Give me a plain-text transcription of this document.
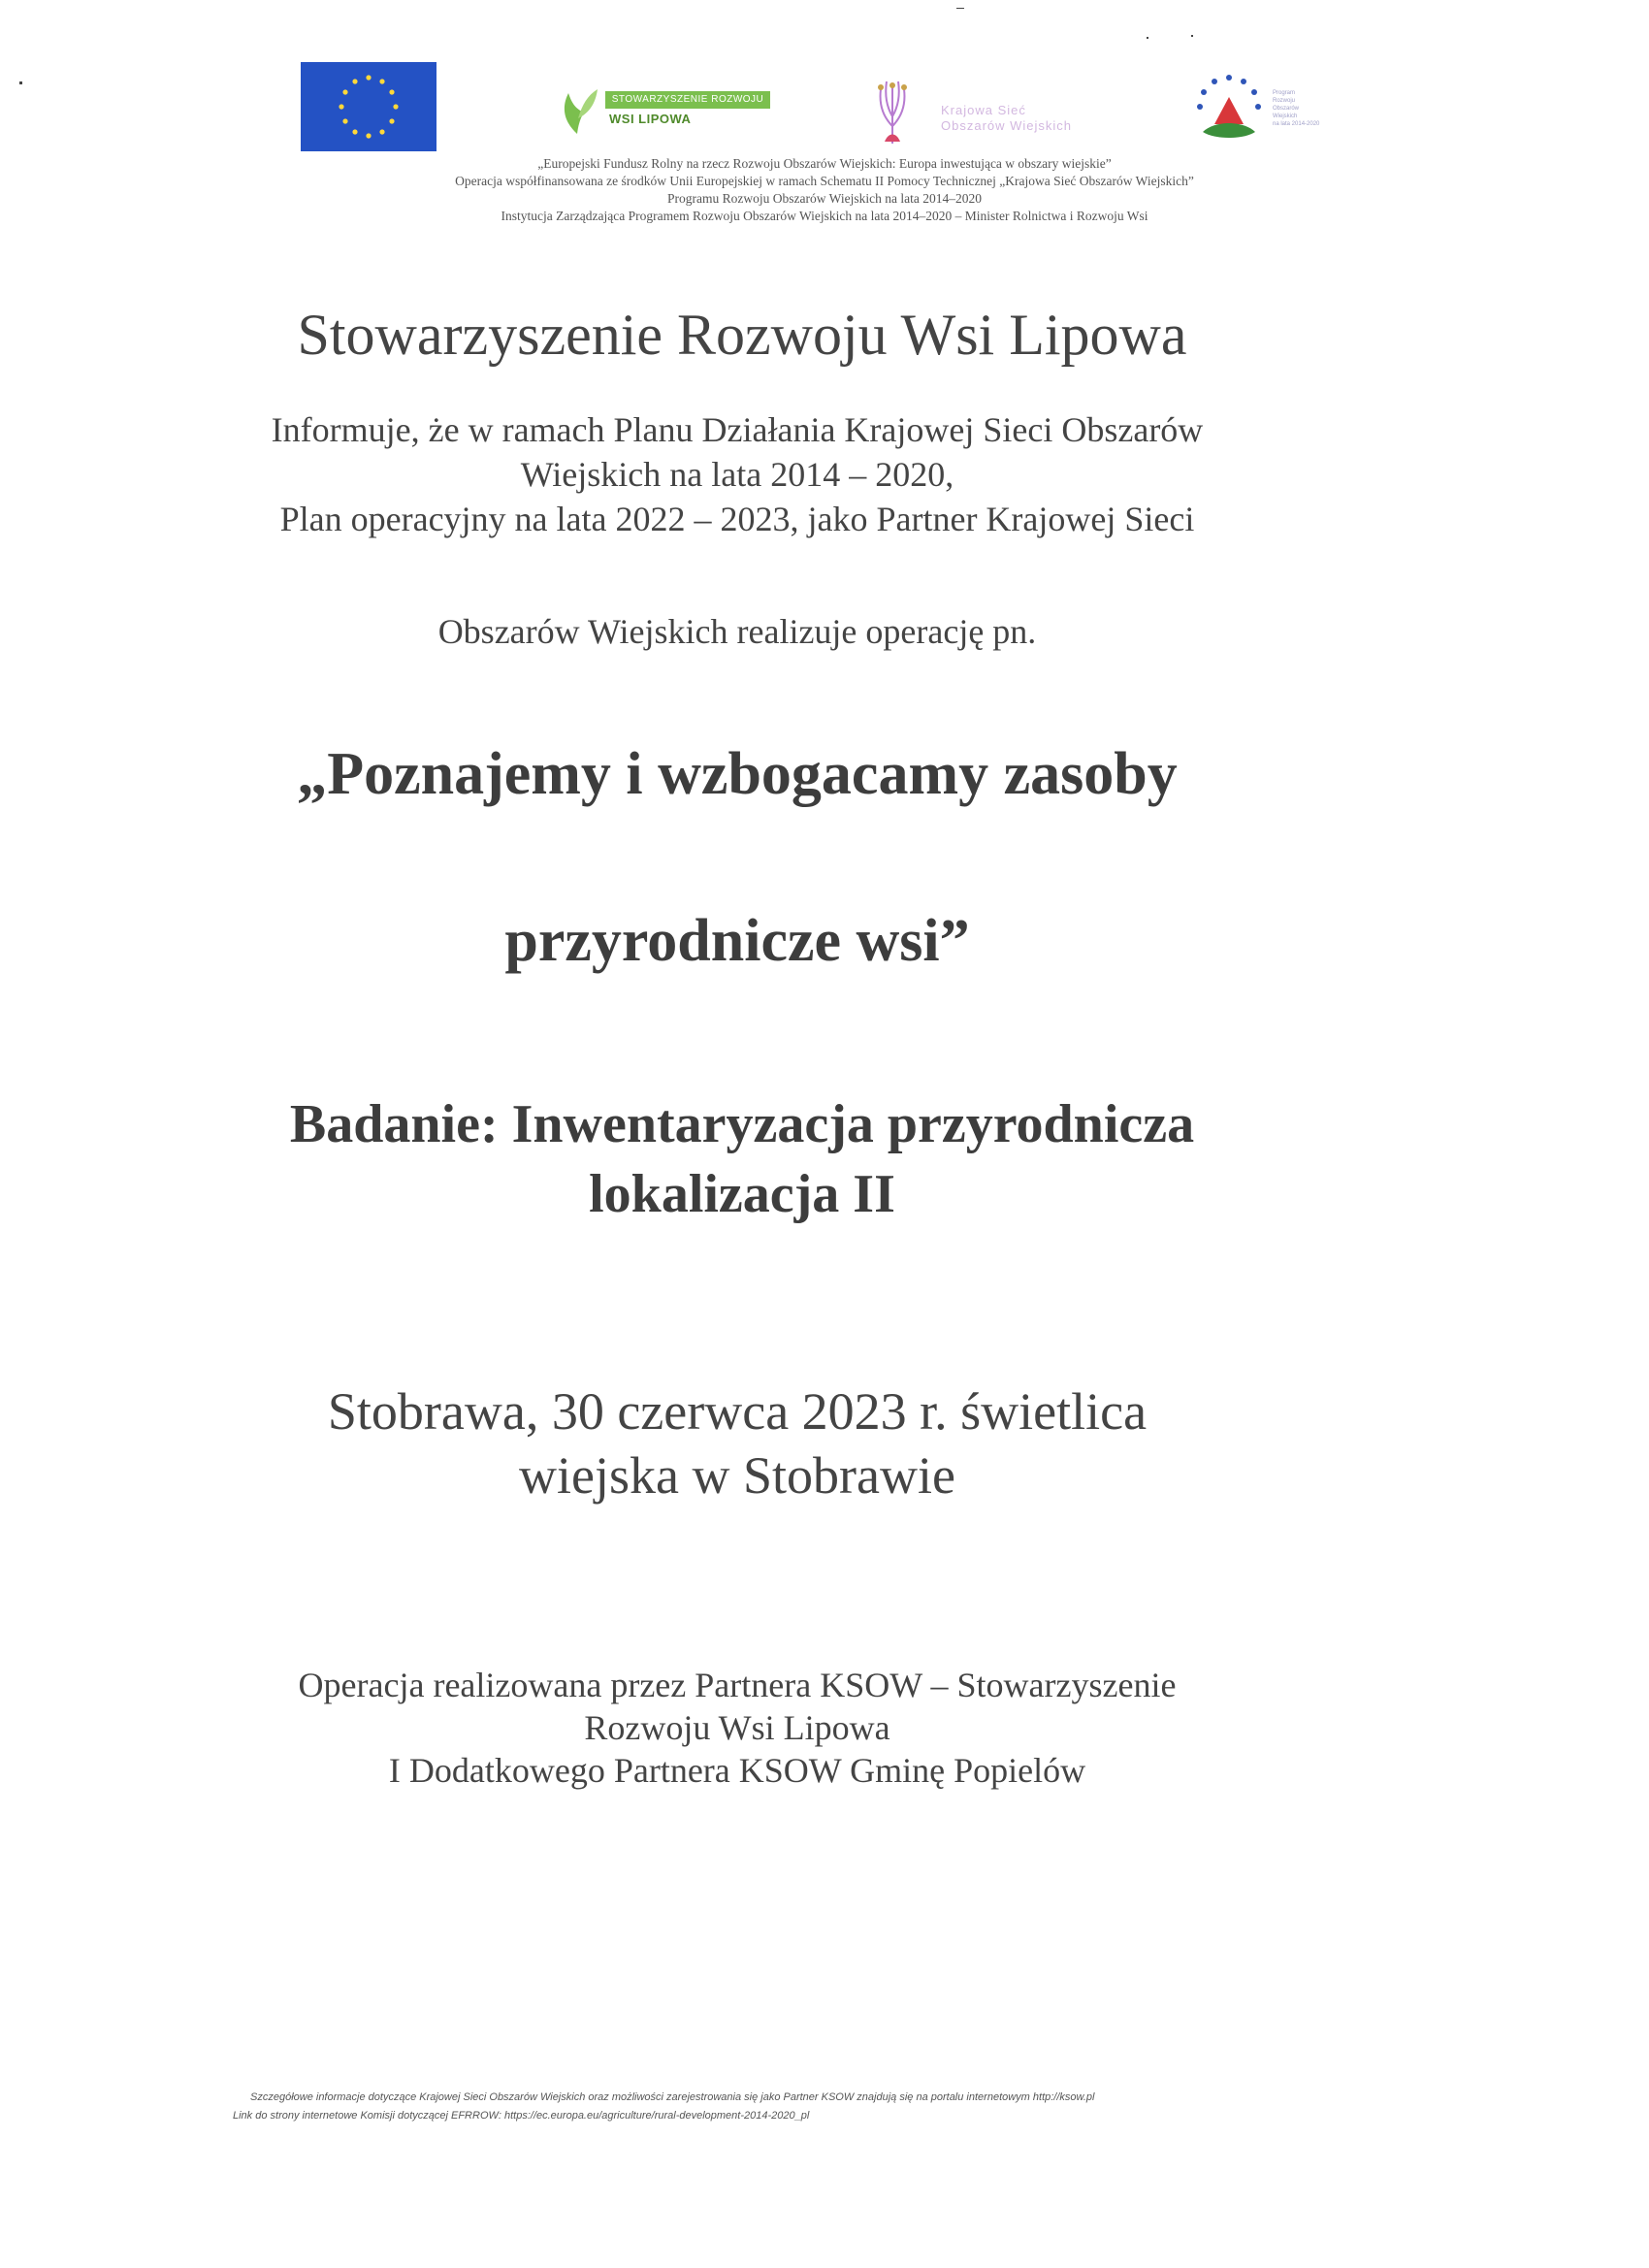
STOWARZYSZENIE ROZWOJU
WSI LIPOWA
Krajowa Sieć
Obszarów Wiejskich
Program
Rozwoju
Obszarów
Wiejskich
na lata 2014-2020
„Europejski Fundusz Rolny na rzecz Rozwoju Obszarów Wiejskich: Europa inwestująca w obszary wiejskie”
Operacja współfinansowana ze środków Unii Europejskiej w ramach Schematu II Pomocy Technicznej „Krajowa Sieć Obszarów Wiejskich”
Programu Rozwoju Obszarów Wiejskich na lata 2014–2020
Instytucja Zarządzająca Programem Rozwoju Obszarów Wiejskich na lata 2014–2020 – Minister Rolnictwa i Rozwoju Wsi
Stowarzyszenie Rozwoju Wsi Lipowa
Informuje, że w ramach Planu Działania Krajowej Sieci Obszarów
Wiejskich na lata 2014 – 2020,
Plan operacyjny na lata 2022 – 2023, jako Partner Krajowej Sieci
Obszarów Wiejskich realizuje operację pn.
„Poznajemy i wzbogacamy zasoby
przyrodnicze wsi”
Badanie: Inwentaryzacja przyrodnicza
lokalizacja II
Stobrawa, 30 czerwca 2023 r. świetlica
wiejska w Stobrawie
Operacja realizowana przez Partnera KSOW – Stowarzyszenie
Rozwoju Wsi Lipowa
I Dodatkowego Partnera KSOW Gminę Popielów
Szczegółowe informacje dotyczące Krajowej Sieci Obszarów Wiejskich oraz możliwości zarejestrowania się jako Partner KSOW znajdują się na portalu internetowym http://ksow.pl
Link do strony internetowe Komisji dotyczącej EFRROW: https://ec.europa.eu/agriculture/rural-development-2014-2020_pl
